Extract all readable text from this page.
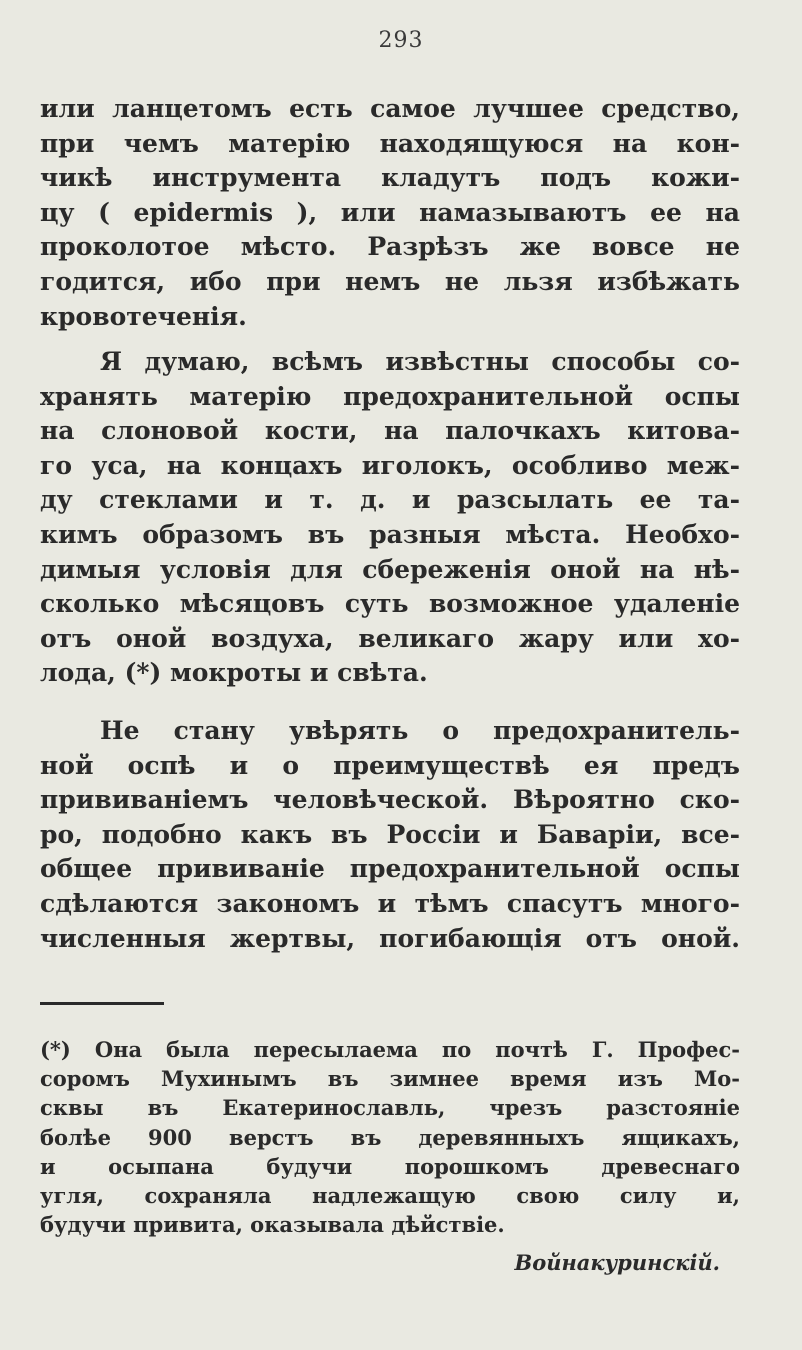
293
или ланцетомъ есть самое лучшее средство,
при чемъ матерiю находящуюся на кон-
чикѣ инструмента кладутъ подъ кожи-
цу ( epidermis ), или намазываютъ ее на
проколотое мѣсто. Разрѣзъ же вовсе не
годится, ибо при немъ не льзя избѣжать
кровотеченiя.
Я думаю, всѣмъ извѣстны способы со-
хранять матерiю предохранительной оспы
на слоновой кости, на палочкахъ китова-
го уса, на концахъ иголокъ, особливо меж-
ду стеклами и т. д. и разсылать ее та-
кимъ образомъ въ разныя мѣста. Необхо-
димыя условiя для сбереженiя оной на нѣ-
сколько мѣсяцовъ суть возможное удаленiе
отъ оной воздуха, великаго жару или хо-
лода, (*) мокроты и свѣта.
Не стану увѣрять о предохранитель-
ной оспѣ и о преимуществѣ ея предъ
прививанiемъ человѣческой. Вѣроятно ско-
ро, подобно какъ въ Россiи и Баварiи, все-
общее прививанiе предохранительной оспы
сдѣлаются закономъ и тѣмъ спасутъ много-
численныя жертвы, погибающiя отъ оной.
(*) Она была пересылаема по почтѣ Г. Профес-
соромъ Мухинымъ въ зимнее время изъ Мо-
сквы въ Екатеринославль, чрезъ разстоянiе
болѣе 900 верстъ въ деревянныхъ ящикахъ,
и осыпана будучи порошкомъ древеснаго
угля, сохраняла надлежащую свою силу и,
будучи привита, оказывала дѣйствiе.
Войнакуринскiй.
